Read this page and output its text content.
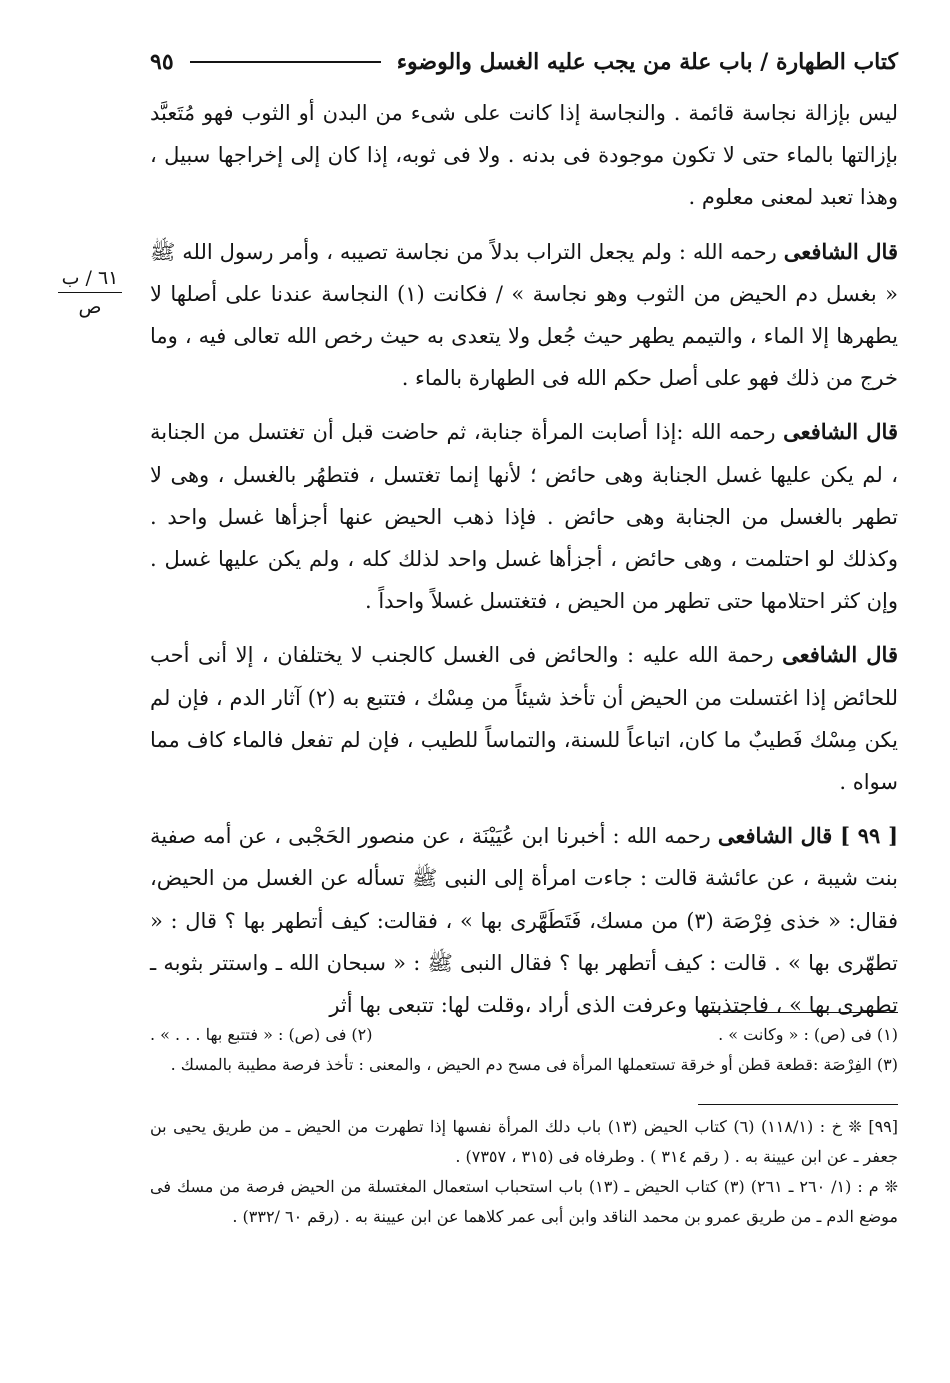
كتاب الطهارة / باب علة من يجب عليه الغسل والوضوء
٩٥
٦١ / ب
ص

ليس بإزالة نجاسة قائمة . والنجاسة إذا كانت على شىء من البدن أو الثوب فهو مُتَعبَّد بإزالتها بالماء حتى لا تكون موجودة فى بدنه . ولا فى ثوبه، إذا كان إلى إخراجها سبيل ، وهذا تعبد لمعنى معلوم .

قال الشافعى رحمه الله : ولم يجعل التراب بدلاً من نجاسة تصيبه ، وأمر رسول الله ﷺ « بغسل دم الحيض من الثوب وهو نجاسة » / فكانت (١) النجاسة عندنا على أصلها لا يطهرها إلا الماء ، والتيمم يطهر حيث جُعل ولا يتعدى به حيث رخص الله تعالى فيه ، وما خرج من ذلك فهو على أصل حكم الله فى الطهارة بالماء .

قال الشافعى رحمه الله :إذا أصابت المرأة جنابة، ثم حاضت قبل أن تغتسل من الجنابة ، لم يكن عليها غسل الجنابة وهى حائض ؛ لأنها إنما تغتسل ، فتطهُر بالغسل ، وهى لا تطهر بالغسل من الجنابة وهى حائض . فإذا ذهب الحيض عنها أجزأها غسل واحد . وكذلك لو احتلمت ، وهى حائض ، أجزأها غسل واحد لذلك كله ، ولم يكن عليها غسل . وإن كثر احتلامها حتى تطهر من الحيض ، فتغتسل غسلاً واحداً .

قال الشافعى رحمة الله عليه : والحائض فى الغسل كالجنب لا يختلفان ، إلا أنى أحب للحائض إذا اغتسلت من الحيض أن تأخذ شيئاً من مِسْك ، فتتبع به (٢) آثار الدم ، فإن لم يكن مِسْك فَطيبٌ ما كان، اتباعاً للسنة، والتماساً للطيب ، فإن لم تفعل فالماء كاف مما سواه .

[ ٩٩ ] قال الشافعى رحمه الله : أخبرنا ابن عُيَيْنَة ، عن منصور الحَجْبى ، عن أمه صفية بنت شيبة ، عن عائشة قالت : جاءت امرأة إلى النبى ﷺ تسأله عن الغسل من الحيض، فقال: « خذى فِرْصَة (٣) من مسك، فَتَطَهَّرى بها » ، فقالت: كيف أتطهر بها ؟ قال : « تطهّرى بها » . قالت : كيف أتطهر بها ؟ فقال النبى ﷺ : « سبحان الله ـ واستتر بثوبه ـ تطهرى بها » ، فاجتذبتها وعرفت الذى أراد ،وقلت لها: تتبعى بها أثر

(١) فى (ص) : « وكانت » .
(٢) فى (ص) : « فتتبع بها . . . » .
(٣) الفِرْصَة :قطعة قطن أو خرقة تستعملها المرأة فى مسح دم الحيض ، والمعنى : تأخذ فرصة مطيبة بالمسك .

[٩٩] ❊ خ : (١١٨/١) (٦) كتاب الحيض (١٣) باب دلك المرأة نفسها إذا تطهرت من الحيض ـ من طريق يحيى بن جعفر ـ عن ابن عيينة به . ( رقم ٣١٤ ) . وطرفاه فى (٣١٥ ، ٧٣٥٧) .

❊ م : (١/ ٢٦٠ ـ ٢٦١) (٣) كتاب الحيض ـ (١٣) باب استحباب استعمال المغتسلة من الحيض فرصة من مسك فى موضع الدم ـ من طريق عمرو بن محمد الناقد وابن أبى عمر كلاهما عن ابن عيينة به . (رقم ٦٠ /٣٣٢) .
